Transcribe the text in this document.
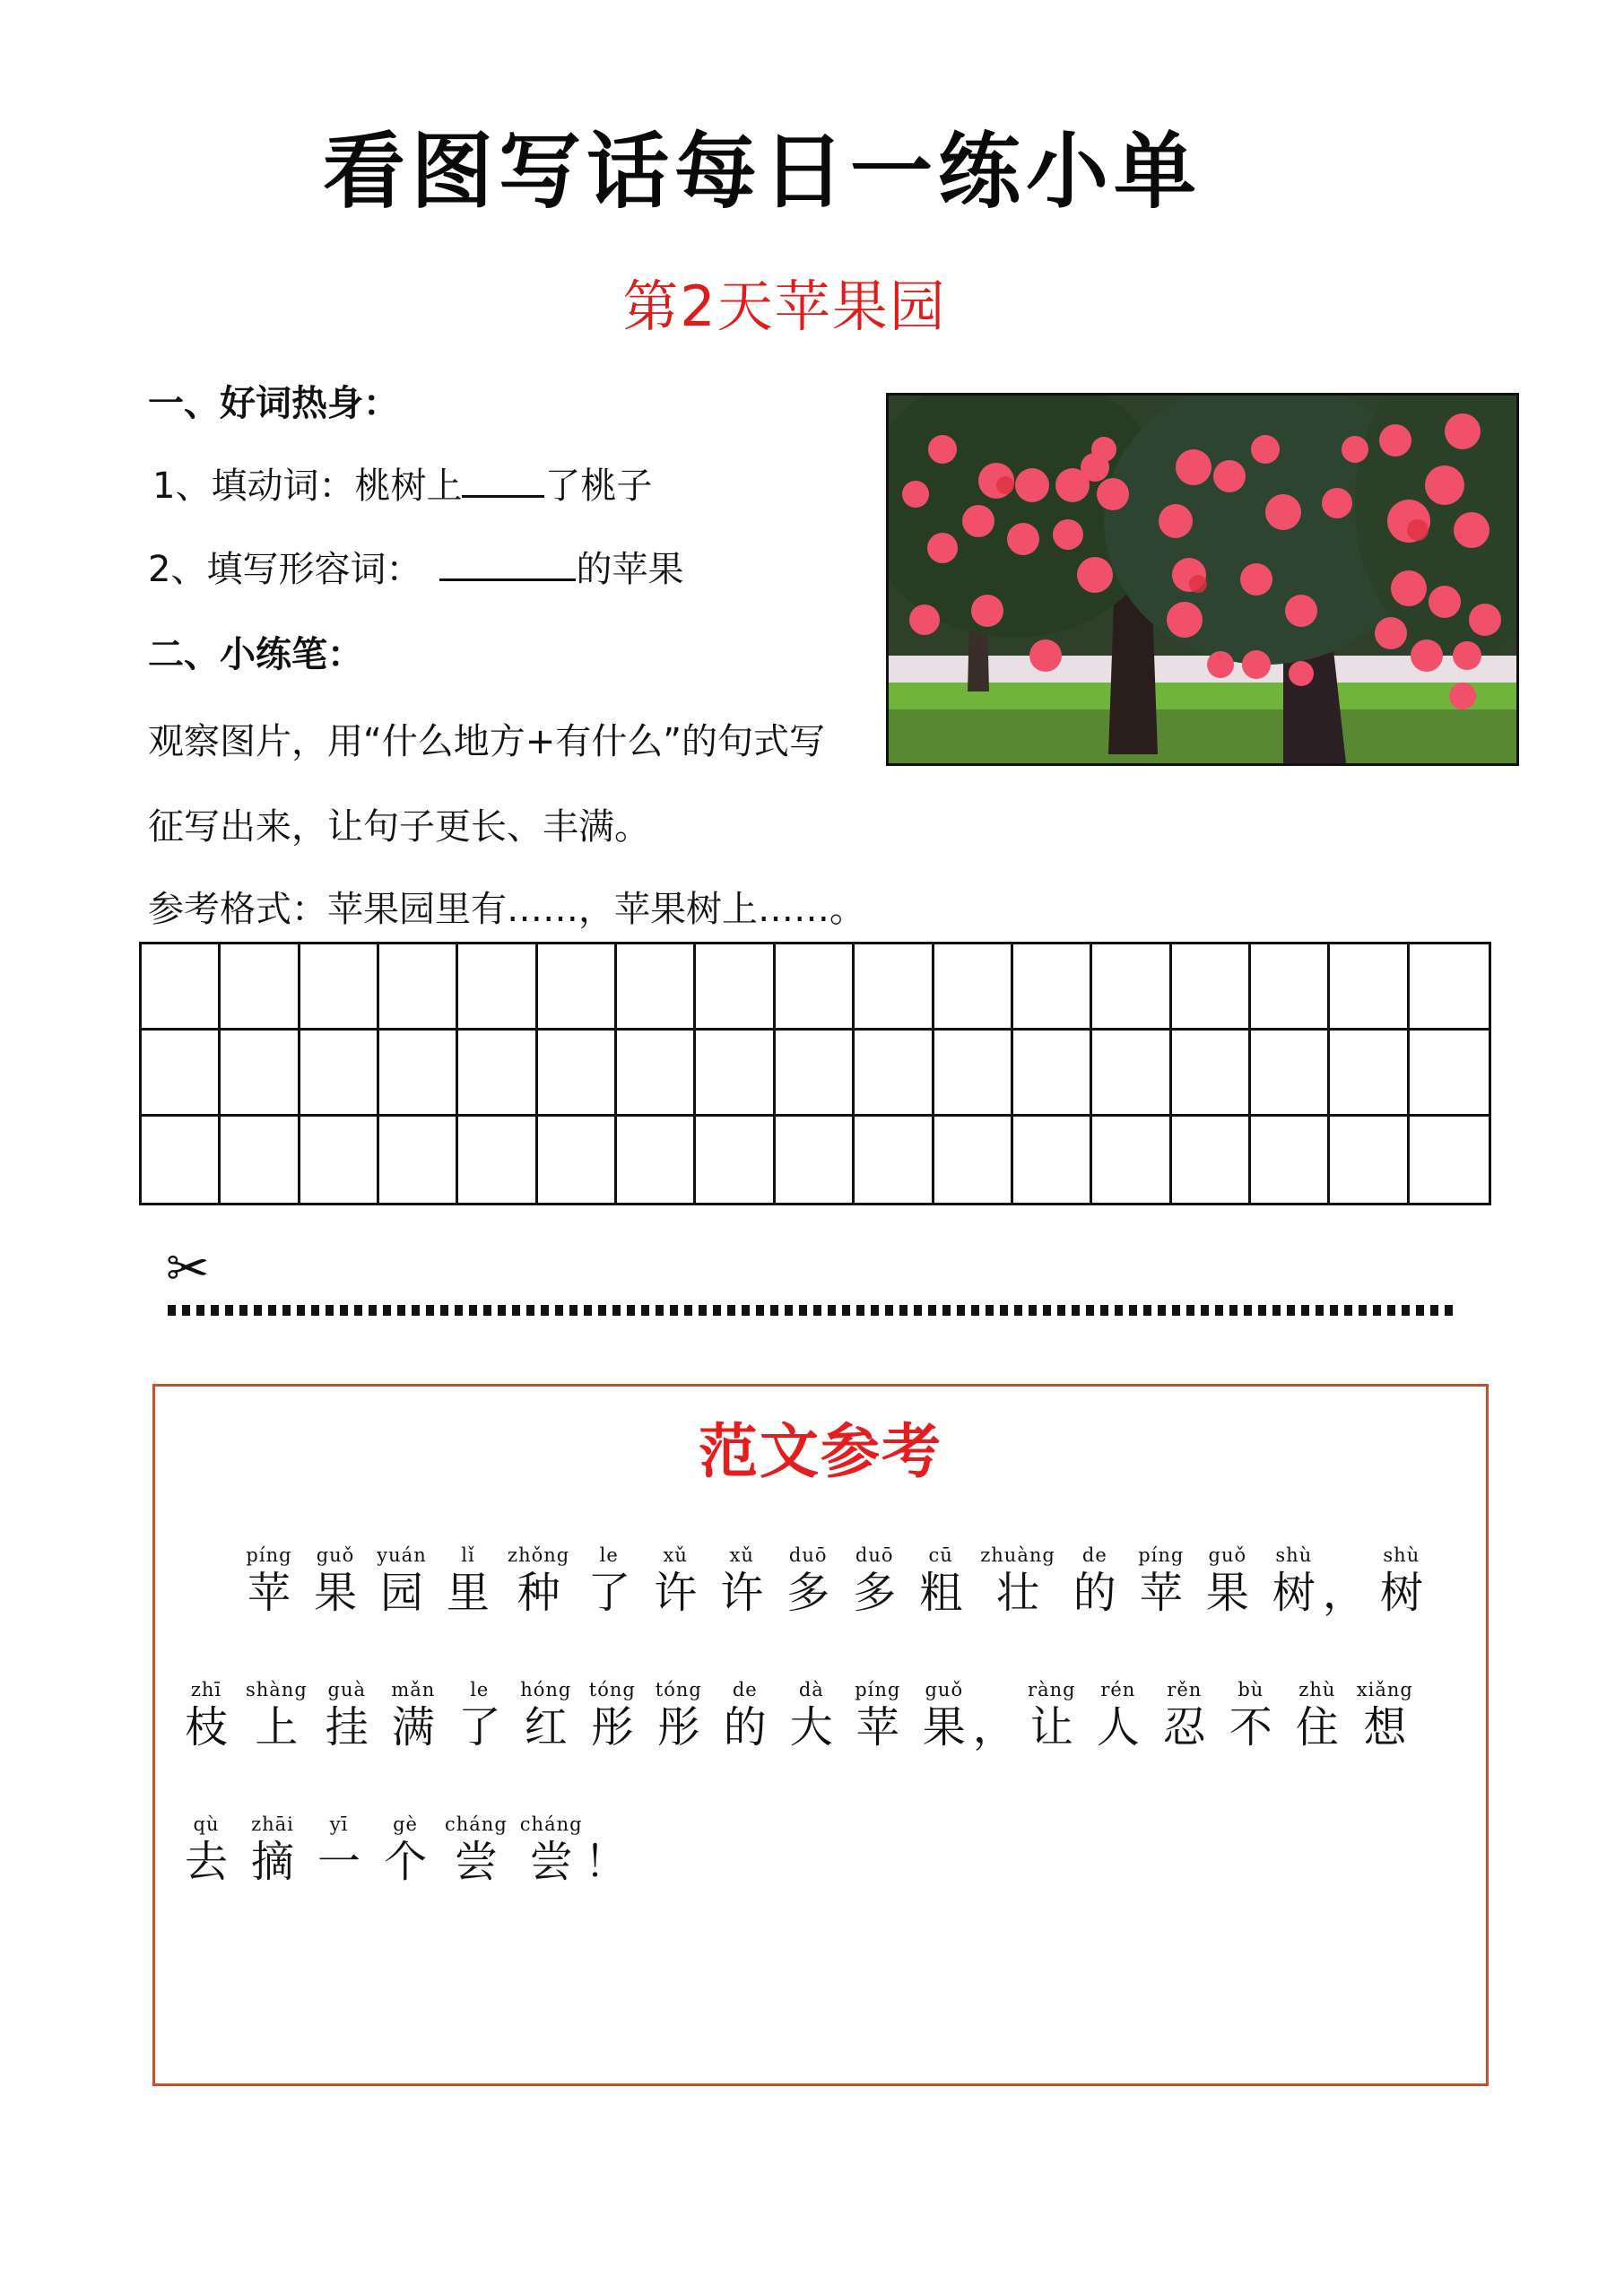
看图写话每日一练小单
第2天苹果园
一、好词热身：
1、填动词：桃树上 了桃子
2、填写形容词：	的苹果
二、小练笔：
观察图片，用“什么地方+有什么”的句式写
征写出来，让句子更长、丰满。
参考格式：苹果园里有……，苹果树上……。
✂
范文参考
píng
苹
guǒ
果
yuán
园
lǐ
里
zhǒng
种
le
了
xǔ
许
xǔ
许
duō
多
duō
多
cū
粗
zhuàng
壮
de
的
píng
苹
guǒ
果
shù
树 ，
shù
树
zhī
枝
shàng
上
guà
挂
mǎn
满
le
了
hóng
红
tóng
彤
tóng
彤
de
的
dà
大
píng
苹
guǒ
果 ，
ràng
让
rén
人
rěn
忍
bù
不
zhù
住
xiǎng
想
qù
去
zhāi
摘
yī
一
gè
个
cháng
尝
cháng
尝 ！
